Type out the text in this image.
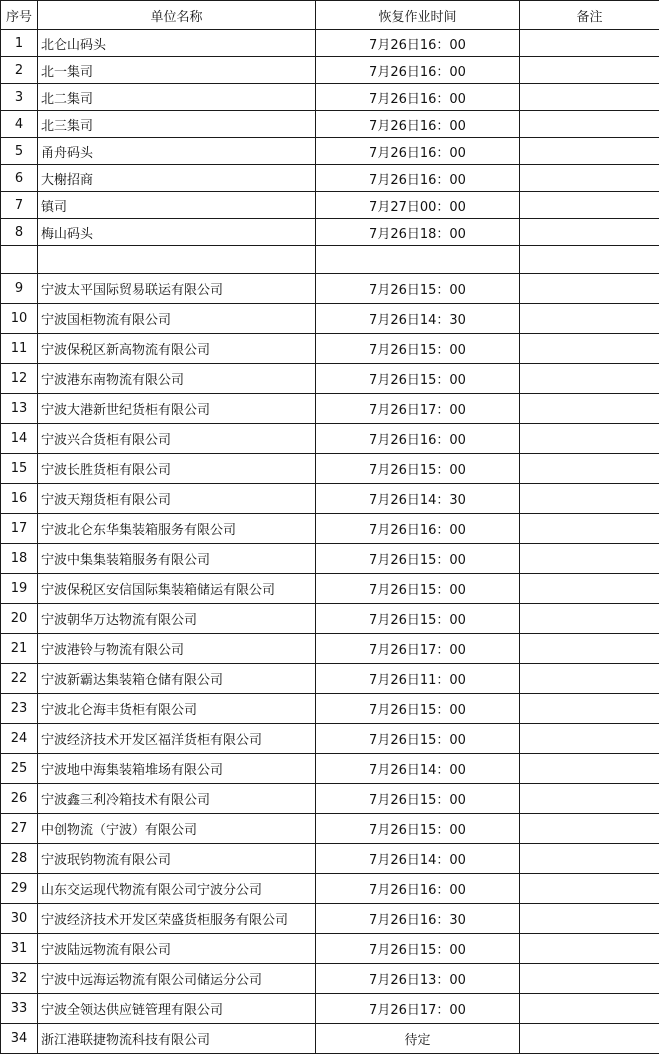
序号	单位名称	恢复作业时间	备注
1	北仑山码头	7月26日16：00	
2	北一集司	7月26日16：00	
3	北二集司	7月26日16：00	
4	北三集司	7月26日16：00	
5	甬舟码头	7月26日16：00	
6	大榭招商	7月26日16：00	
7	镇司	7月27日00：00	
8	梅山码头	7月26日18：00	

9	宁波太平国际贸易联运有限公司	7月26日15：00	
10	宁波国柜物流有限公司	7月26日14：30	
11	宁波保税区新高物流有限公司	7月26日15：00	
12	宁波港东南物流有限公司	7月26日15：00	
13	宁波大港新世纪货柜有限公司	7月26日17：00	
14	宁波兴合货柜有限公司	7月26日16：00	
15	宁波长胜货柜有限公司	7月26日15：00	
16	宁波天翔货柜有限公司	7月26日14：30	
17	宁波北仑东华集装箱服务有限公司	7月26日16：00	
18	宁波中集集装箱服务有限公司	7月26日15：00	
19	宁波保税区安信国际集装箱储运有限公司	7月26日15：00	
20	宁波朝华万达物流有限公司	7月26日15：00	
21	宁波港铃与物流有限公司	7月26日17：00	
22	宁波新霸达集装箱仓储有限公司	7月26日11：00	
23	宁波北仑海丰货柜有限公司	7月26日15：00	
24	宁波经济技术开发区福洋货柜有限公司	7月26日15：00	
25	宁波地中海集装箱堆场有限公司	7月26日14：00	
26	宁波鑫三利冷箱技术有限公司	7月26日15：00	
27	中创物流（宁波）有限公司	7月26日15：00	
28	宁波珉钧物流有限公司	7月26日14：00	
29	山东交运现代物流有限公司宁波分公司	7月26日16：00	
30	宁波经济技术开发区荣盛货柜服务有限公司	7月26日16：30	
31	宁波陆远物流有限公司	7月26日15：00	
32	宁波中远海运物流有限公司储运分公司	7月26日13：00	
33	宁波全领达供应链管理有限公司	7月26日17：00	
34	浙江港联捷物流科技有限公司	待定	
